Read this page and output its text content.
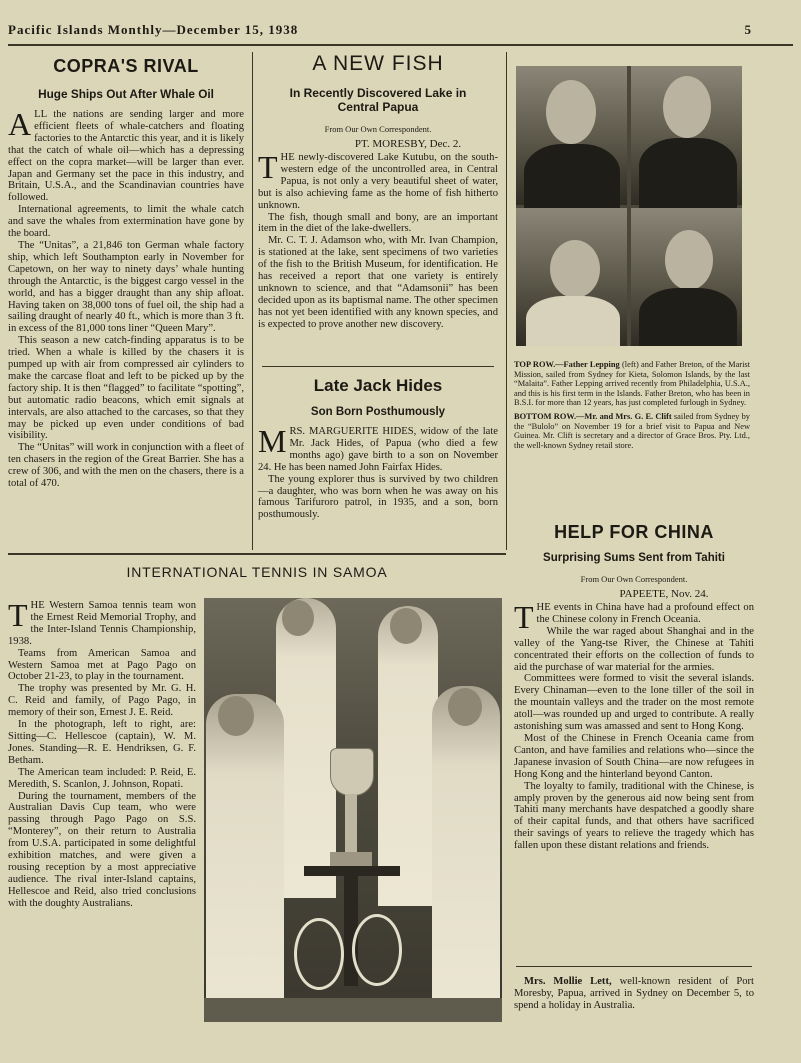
Pacific Islands Monthly—December 15, 1938	5
COPRA'S RIVAL
Huge Ships Out After Whale Oil

ALL the nations are sending larger and more efficient fleets of whale-catchers and floating factories to the Antarctic this year, and it is likely that the catch of whale oil—which has a depressing effect on the copra market—will be larger than ever. Japan and Germany set the pace in this industry, and Britain, U.S.A., and the Scandinavian countries have followed.

International agreements, to limit the whale catch and save the whales from extermination have gone by the board.

The “Unitas”, a 21,846 ton German whale factory ship, which left Southampton early in November for Capetown, on her way to ninety days’ whale hunting through the Antarctic, is the biggest cargo vessel in the world, and has a bigger draught than any ship afloat. Having taken on 38,000 tons of fuel oil, the ship had a sailing draught of nearly 40 ft., which is more than 3 ft. in excess of the 81,000 tons liner “Queen Mary”.

This season a new catch-finding apparatus is to be tried. When a whale is killed by the chasers it is pumped up with air from compressed air cylinders to make the carcase float and left to be picked up by the factory ship. It is then “flagged” to facilitate “spotting”, but automatic radio beacons, which emit signals at intervals, are also attached to the carcases, so that they may be picked up even under conditions of bad visibility.

The “Unitas” will work in conjunction with a fleet of ten chasers in the region of the Great Barrier. She has a crew of 306, and with the men on the chasers, there is a total of 470.

A NEW FISH
In Recently Discovered Lake in Central Papua
From Our Own Correspondent.
PT. MORESBY, Dec. 2.

THE newly-discovered Lake Kutubu, on the south-western edge of the uncontrolled area, in Central Papua, is not only a very beautiful sheet of water, but is also achieving fame as the home of fish hitherto unknown.

The fish, though small and bony, are an important item in the diet of the lake-dwellers.

Mr. C. T. J. Adamson who, with Mr. Ivan Champion, is stationed at the lake, sent specimens of two varieties of the fish to the British Museum, for identification. He has received a report that one variety is entirely unknown to science, and that “Adamsonii” has been decided upon as its baptismal name. The other specimen has not yet been identified with any known species, and is expected to prove another new discovery.

Late Jack Hides
Son Born Posthumously

MRS. MARGUERITE HIDES, widow of the late Mr. Jack Hides, of Papua (who died a few months ago) gave birth to a son on November 24. He has been named John Fairfax Hides.

The young explorer thus is survived by two children—a daughter, who was born when he was away on his famous Tarifuroro patrol, in 1935, and a son, born posthumously.

TOP ROW.—Father Lepping (left) and Father Breton, of the Marist Mission, sailed from Sydney for Kieta, Solomon Islands, by the last “Malaita”. Father Lepping arrived recently from Philadelphia, U.S.A., and this is his first term in the Islands. Father Breton, who has been in B.S.I. for more than 12 years, has just completed furlough in Sydney.
BOTTOM ROW.—Mr. and Mrs. G. E. Clift sailed from Sydney by the “Bulolo” on November 19 for a brief visit to Papua and New Guinea. Mr. Clift is secretary and a director of Grace Bros. Pty. Ltd., the well-known Sydney retail store.
HELP FOR CHINA
Surprising Sums Sent from Tahiti
From Our Own Correspondent.
PAPEETE, Nov. 24.

THE events in China have had a profound effect on the Chinese colony in French Oceania.

While the war raged about Shanghai and in the valley of the Yang-tse River, the Chinese at Tahiti concentrated their efforts on the collection of funds to aid the purchase of war material for the armies.

Committees were formed to visit the several islands. Every Chinaman—even to the lone tiller of the soil in the mountain valleys and the trader on the most remote atoll—was rounded up and urged to contribute. A really astonishing sum was amassed and sent to Hong Kong.

Most of the Chinese in French Oceania came from Canton, and have families and relations who—since the Japanese invasion of South China—are now refugees in Hong Kong and the hinterland beyond Canton.

The loyalty to family, traditional with the Chinese, is amply proven by the generous aid now being sent from Tahiti many merchants have despatched a goodly share of their capital funds, and that others have sacrificed their savings of years to relieve the tragedy which has fallen upon these distant relations and friends.

Mrs. Mollie Lett, well-known resident of Port Moresby, Papua, arrived in Sydney on December 5, to spend a holiday in Australia.

INTERNATIONAL TENNIS IN SAMOA

THE Western Samoa tennis team won the Ernest Reid Memorial Trophy, and the Inter-Island Tennis Championship, 1938.

Teams from American Samoa and Western Samoa met at Pago Pago on October 21-23, to play in the tournament.

The trophy was presented by Mr. G. H. C. Reid and family, of Pago Pago, in memory of their son, Ernest J. E. Reid.

In the photograph, left to right, are: Sitting—C. Hellescoe (captain), W. M. Jones. Standing—R. E. Hendriksen, G. F. Betham.

The American team included: P. Reid, E. Meredith, S. Scanlon, J. Johnson, Ropati.

During the tournament, members of the Australian Davis Cup team, who were passing through Pago Pago on S.S. “Monterey”, on their return to Australia from U.S.A. participated in some delightful exhibition matches, and were given a rousing reception by a most appreciative audience. The rival inter-Island captains, Hellescoe and Reid, also tried conclusions with the doughty Australians.
